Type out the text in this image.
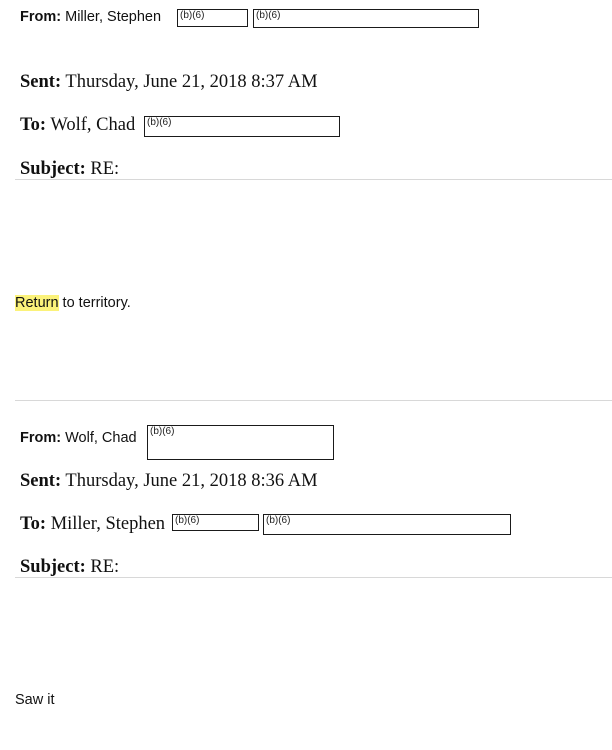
From: Miller, Stephen (b)(6)	(b)(6)
Sent: Thursday, June 21, 2018 8:37 AM
To: Wolf, Chad (b)(6)
Subject: RE:
Return to territory.
From: Wolf, Chad (b)(6)
Sent: Thursday, June 21, 2018 8:36 AM
To: Miller, Stephen (b)(6)	(b)(6)
Subject: RE:
Saw it
